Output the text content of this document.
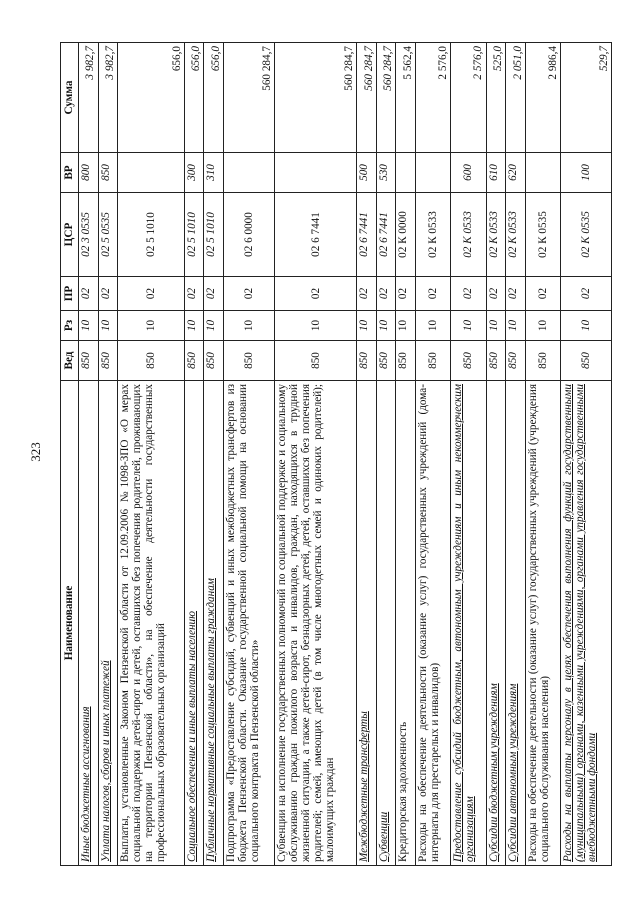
323
Наименование	Вед	Рз	ПР	ЦСР	ВР	Сумма
Иные бюджетные ассигнования	850	10	02	02 3 0535	800	3 982,7
Уплата налогов, сборов и иных платежей	850	10	02	02 5 0535	850	3 982,7
Выплаты, установленные Законом Пензенской области от 12.09.2006 №1098-ЗПО «О мерах социальной поддержки детей-сирот и детей, оставшихся без попечения родителей, проживающих на территории Пензенской области», на обеспечение деятельности государственных профессиональных образовательных организаций	850	10	02	02 5 1010		656,0
Социальное обеспечение и иные выплаты населению	850	10	02	02 5 1010	300	656,0
Публичные нормативные социальные выплаты гражданам	850	10	02	02 5 1010	310	656,0
Подпрограмма «Предоставление субсидий, субвенций и иных межбюджетных трансфертов из бюджета Пензенской области. Оказание государственной социальной помощи на основании социального контракта в Пензенской области»	850	10	02	02 6 0000		560 284,7
Субвенции на исполнение государственных полномочий по социальной поддержке и социальному обслуживанию граждан пожилого возраста и инвалидов, граждан, находящихся в трудной жизненной ситуации, а также детей-сирот, безнадзорных детей, детей, оставшихся без попечения родителей; семей, имеющих детей (в том числе многодетных семей и одиноких родителей); малоимущих граждан	850	10	02	02 6 7441		560 284,7
Межбюджетные трансферты	850	10	02	02 6 7441	500	560 284,7
Субвенции	850	10	02	02 6 7441	530	560 284,7
Кредиторская задолженность	850	10	02	02 К 0000		5 562,4
Расходы на обеспечение деятельности (оказание услуг) государственных учреждений (дома-интернаты для престарелых и инвалидов)	850	10	02	02 К 0533		2 576,0
Предоставление субсидий бюджетным, автономным учреждениям и иным некоммерческим организациям	850	10	02	02 К 0533	600	2 576,0
Субсидии бюджетным учреждениям	850	10	02	02 К 0533	610	525,0
Субсидии автономным учреждениям	850	10	02	02 К 0533	620	2 051,0
Расходы на обеспечение деятельности (оказание услуг) государственных учреждений (учреждения социального обслуживания населения)	850	10	02	02 К 0535		2 986,4
Расходы на выплаты персоналу в целях обеспечения выполнения функций государственными (муниципальными) органами, казенными учреждениями, органами управления государственными внебюджетными фондами	850	10	02	02 К 0535	100	529,7
